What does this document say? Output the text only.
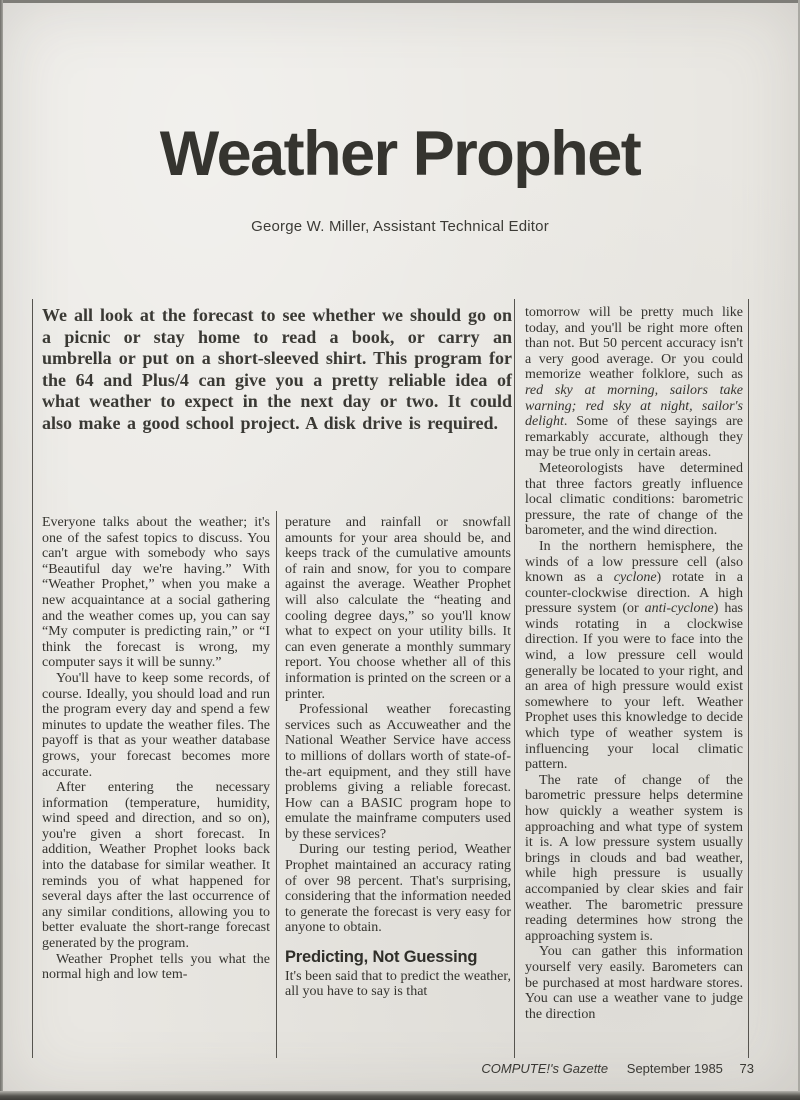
Weather Prophet
George W. Miller, Assistant Technical Editor
We all look at the forecast to see whether we should go on a picnic or stay home to read a book, or carry an umbrella or put on a short-sleeved shirt. This program for the 64 and Plus/4 can give you a pretty reliable idea of what weather to expect in the next day or two. It could also make a good school project. A disk drive is required.

Everyone talks about the weather; it's one of the safest topics to discuss. You can't argue with somebody who says “Beautiful day we're having.” With “Weather Prophet,” when you make a new acquaintance at a social gathering and the weather comes up, you can say “My computer is predicting rain,” or “I think the forecast is wrong, my computer says it will be sunny.”

You'll have to keep some records, of course. Ideally, you should load and run the program every day and spend a few minutes to update the weather files. The payoff is that as your weather database grows, your forecast becomes more accurate.

After entering the necessary information (temperature, humidity, wind speed and direction, and so on), you're given a short forecast. In addition, Weather Prophet looks back into the database for similar weather. It reminds you of what happened for several days after the last occurrence of any similar conditions, allowing you to better evaluate the short-range forecast generated by the program.

Weather Prophet tells you what the normal high and low tem-

perature and rainfall or snowfall amounts for your area should be, and keeps track of the cumulative amounts of rain and snow, for you to compare against the average. Weather Prophet will also calculate the “heating and cooling degree days,” so you'll know what to expect on your utility bills. It can even generate a monthly summary report. You choose whether all of this information is printed on the screen or a printer.

Professional weather forecasting services such as Accuweather and the National Weather Service have access to millions of dollars worth of state-of-the-art equipment, and they still have problems giving a reliable forecast. How can a BASIC program hope to emulate the mainframe computers used by these services?

During our testing period, Weather Prophet maintained an accuracy rating of over 98 percent. That's surprising, considering that the information needed to generate the forecast is very easy for anyone to obtain.

Predicting, Not Guessing

It's been said that to predict the weather, all you have to say is that

tomorrow will be pretty much like today, and you'll be right more often than not. But 50 percent accuracy isn't a very good average. Or you could memorize weather folklore, such as red sky at morning, sailors take warning; red sky at night, sailor's delight. Some of these sayings are remarkably accurate, although they may be true only in certain areas.

Meteorologists have determined that three factors greatly influence local climatic conditions: barometric pressure, the rate of change of the barometer, and the wind direction.

In the northern hemisphere, the winds of a low pressure cell (also known as a cyclone) rotate in a counter-clockwise direction. A high pressure system (or anti-cyclone) has winds rotating in a clockwise direction. If you were to face into the wind, a low pressure cell would generally be located to your right, and an area of high pressure would exist somewhere to your left. Weather Prophet uses this knowledge to decide which type of weather system is influencing your local climatic pattern.

The rate of change of the barometric pressure helps determine how quickly a weather system is approaching and what type of system it is. A low pressure system usually brings in clouds and bad weather, while high pressure is usually accompanied by clear skies and fair weather. The barometric pressure reading determines how strong the approaching system is.

You can gather this information yourself very easily. Barometers can be purchased at most hardware stores. You can use a weather vane to judge the direction

COMPUTE!'s Gazette September 1985 73
